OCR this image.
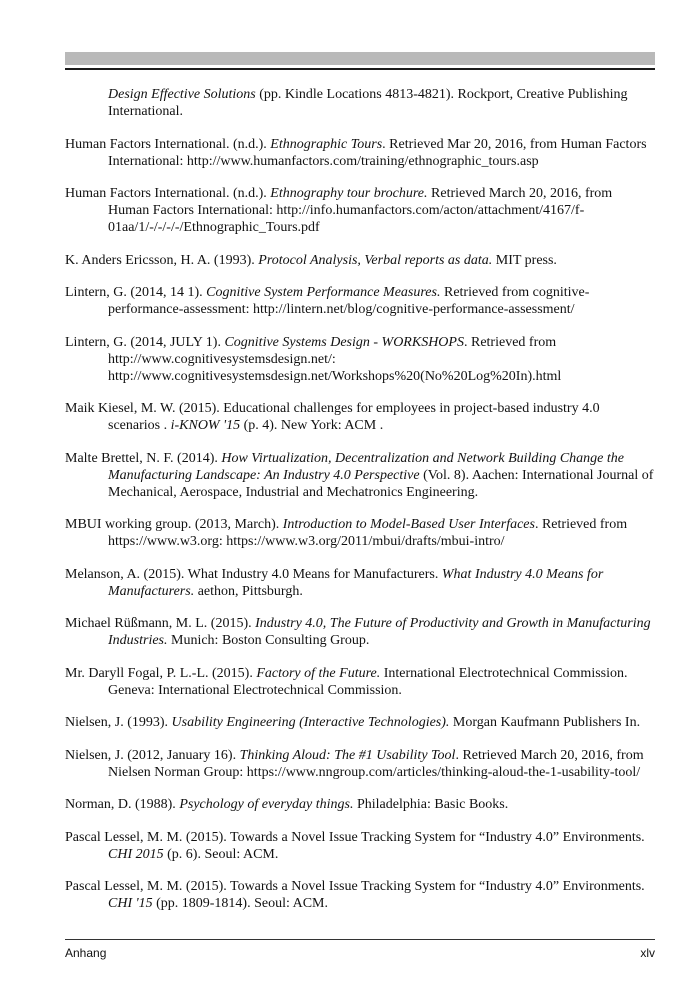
Design Effective Solutions (pp. Kindle Locations 4813-4821). Rockport, Creative Publishing International.

Human Factors International. (n.d.). Ethnographic Tours. Retrieved Mar 20, 2016, from Human Factors International: http://www.humanfactors.com/training/ethnographic_tours.asp

Human Factors International. (n.d.). Ethnography tour brochure. Retrieved March 20, 2016, from Human Factors International: http://info.humanfactors.com/acton/attachment/4167/f-01aa/1/-/-/-/-/Ethnographic_Tours.pdf

K. Anders Ericsson, H. A. (1993). Protocol Analysis, Verbal reports as data. MIT press.

Lintern, G. (2014, 14 1). Cognitive System Performance Measures. Retrieved from cognitive-performance-assessment: http://lintern.net/blog/cognitive-performance-assessment/

Lintern, G. (2014, JULY 1). Cognitive Systems Design - WORKSHOPS. Retrieved from http://www.cognitivesystemsdesign.net/: http://www.cognitivesystemsdesign.net/Workshops%20(No%20Log%20In).html

Maik Kiesel, M. W. (2015). Educational challenges for employees in project-based industry 4.0 scenarios . i-KNOW '15 (p. 4). New York: ACM .

Malte Brettel, N. F. (2014). How Virtualization, Decentralization and Network Building Change the Manufacturing Landscape: An Industry 4.0 Perspective (Vol. 8). Aachen: International Journal of Mechanical, Aerospace, Industrial and Mechatronics Engineering.

MBUI working group. (2013, March). Introduction to Model-Based User Interfaces. Retrieved from https://www.w3.org: https://www.w3.org/2011/mbui/drafts/mbui-intro/

Melanson, A. (2015). What Industry 4.0 Means for Manufacturers. What Industry 4.0 Means for Manufacturers. aethon, Pittsburgh.

Michael Rüßmann, M. L. (2015). Industry 4.0, The Future of Productivity and Growth in Manufacturing Industries. Munich: Boston Consulting Group.

Mr. Daryll Fogal, P. L.-L. (2015). Factory of the Future. International Electrotechnical Commission. Geneva: International Electrotechnical Commission.

Nielsen, J. (1993). Usability Engineering (Interactive Technologies). Morgan Kaufmann Publishers In.

Nielsen, J. (2012, January 16). Thinking Aloud: The #1 Usability Tool. Retrieved March 20, 2016, from Nielsen Norman Group: https://www.nngroup.com/articles/thinking-aloud-the-1-usability-tool/

Norman, D. (1988). Psychology of everyday things. Philadelphia: Basic Books.

Pascal Lessel, M. M. (2015). Towards a Novel Issue Tracking System for “Industry 4.0” Environments. CHI 2015 (p. 6). Seoul: ACM.

Pascal Lessel, M. M. (2015). Towards a Novel Issue Tracking System for “Industry 4.0” Environments. CHI '15 (pp. 1809-1814). Seoul: ACM.

Anhang	xlv
